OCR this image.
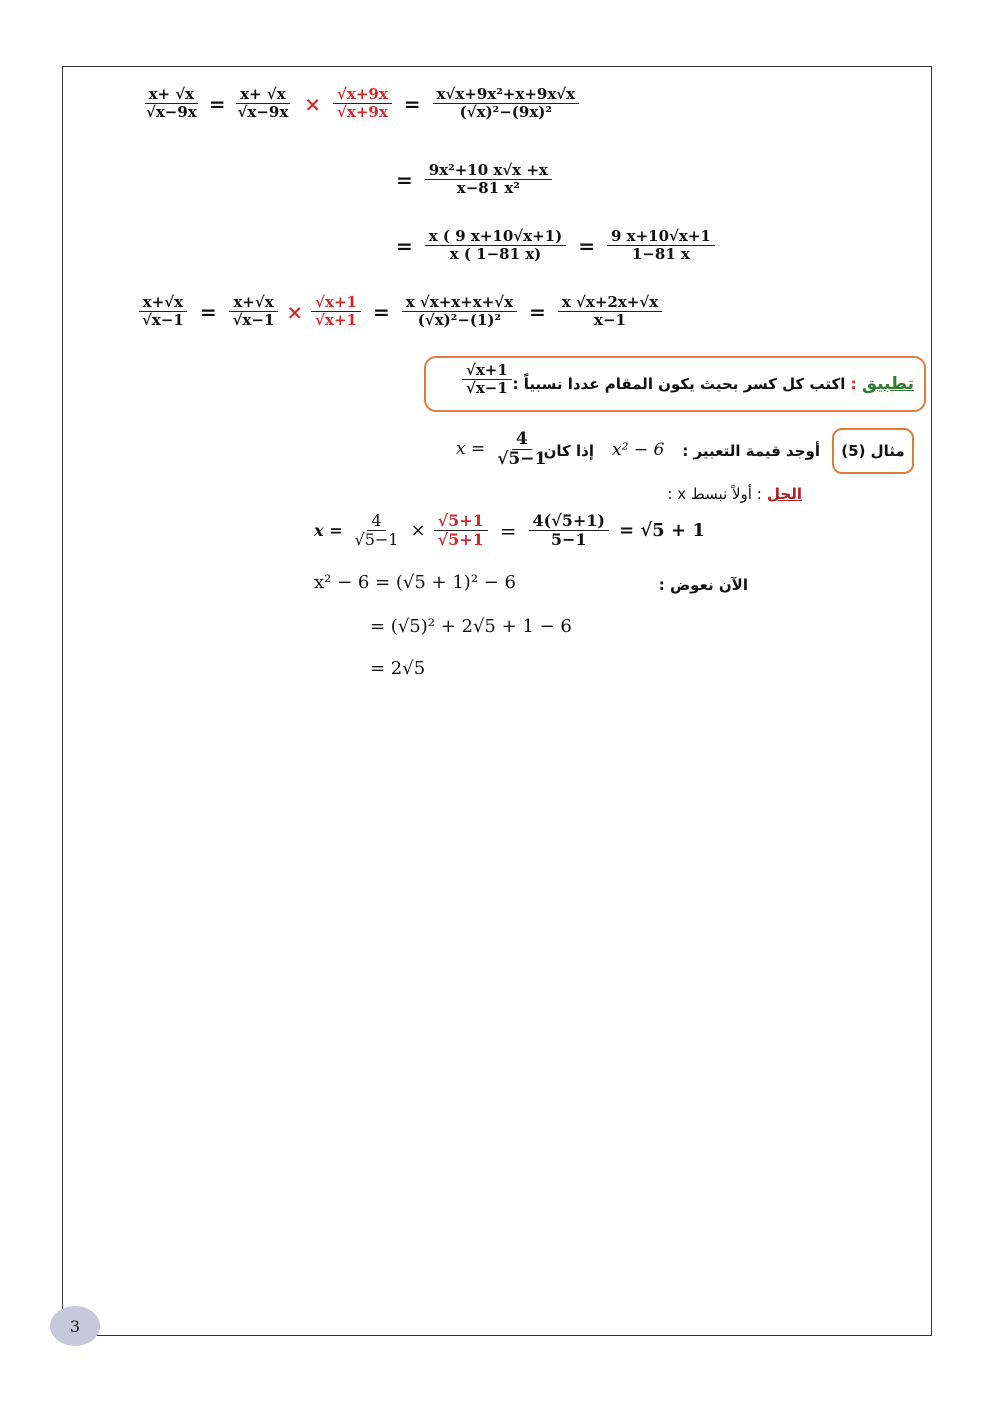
$\frac{x+ √x}{√x-9x} = \frac{x+ √x}{√x-9x} \times \frac{√x+9x}{√x+9x} = \frac{\text{x√x+9x²+x+9x√x}}{\text{(√x)²−(9x)²}}$
= $\frac{\text{9x²+10 x√x +x}}{\text{x−81 x²}}$
= $\frac{x ( 9 x+10√x+1)}{x ( 1-81 x)} = \frac{9 x+10√x+1}{1-81 x}$
$\frac{x+√x}{√x-1} = \frac{x+√x}{√x-1} \times \frac{√x+1}{√x+1} = \frac{x √x+x+x+√x}{\text{(√x)²−(1)²}} = \frac{x √x+2x+√x}{x-1}$
تطبيق : اكتب كل كسر بحيث يكون المقام عددا نسبياً :
$\frac{√x+1}{√x-1}$
مثال (5)
أوجد قيمة التعبير :
x² − 6
إذا كان
$x = \frac{4}{√5-1}$
الحل : أولاً نبسط x :
$x = \frac{4}{√5-1} \times \frac{√5+1}{√5+1} = \frac{4(√5+1)}{5-1} = √5 + 1$
الآن نعوض :
x² − 6 = (√5 + 1)² − 6
= (√5)² + 2√5 + 1 − 6
= 2√5
3
